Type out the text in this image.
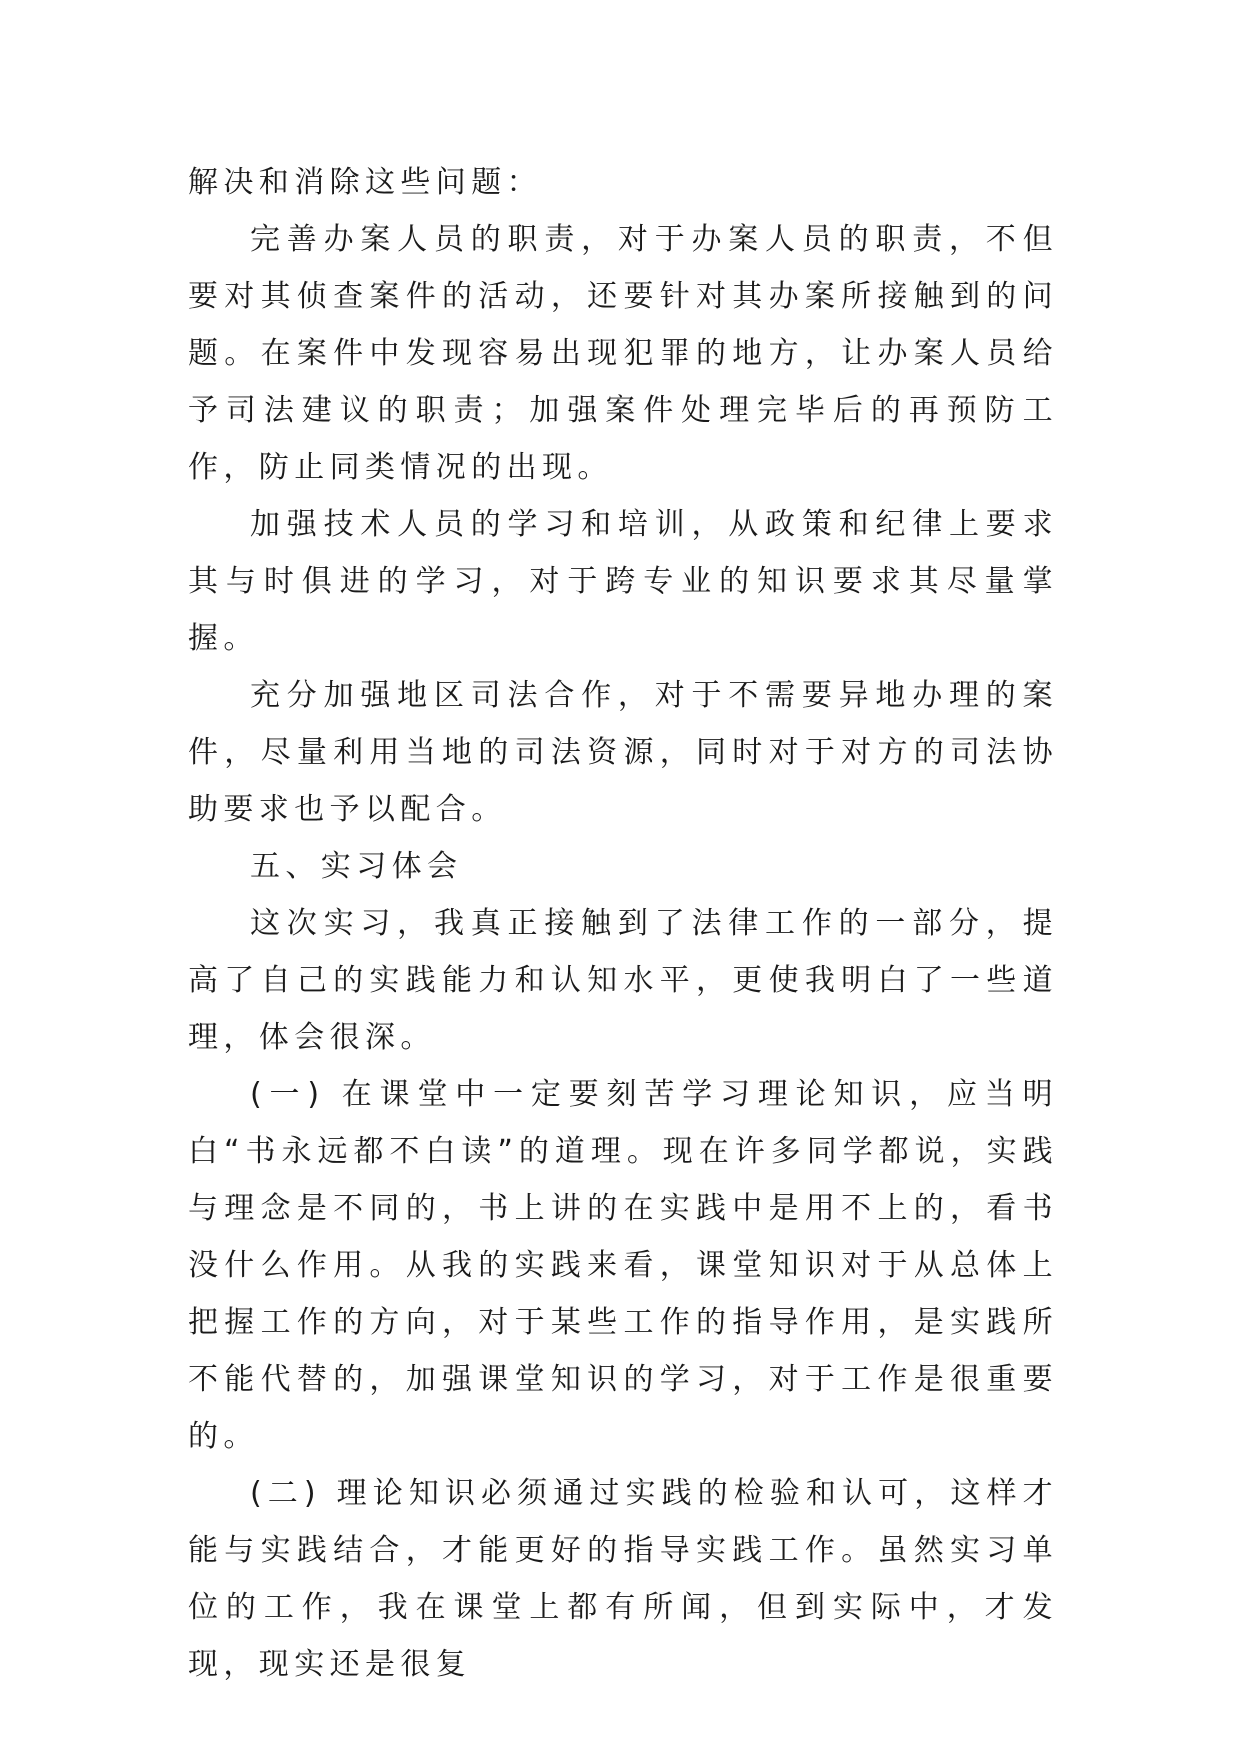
解决和消除这些问题：

完善办案人员的职责，对于办案人员的职责，不但要对其侦查案件的活动，还要针对其办案所接触到的问题。在案件中发现容易出现犯罪的地方，让办案人员给予司法建议的职责；加强案件处理完毕后的再预防工作，防止同类情况的出现。

加强技术人员的学习和培训，从政策和纪律上要求其与时俱进的学习，对于跨专业的知识要求其尽量掌握。

充分加强地区司法合作，对于不需要异地办理的案件，尽量利用当地的司法资源，同时对于对方的司法协助要求也予以配合。

五、实习体会

这次实习，我真正接触到了法律工作的一部分，提高了自己的实践能力和认知水平，更使我明白了一些道理，体会很深。

(一) 在课堂中一定要刻苦学习理论知识，应当明白“书永远都不白读”的道理。现在许多同学都说，实践与理念是不同的，书上讲的在实践中是用不上的，看书没什么作用。从我的实践来看，课堂知识对于从总体上把握工作的方向，对于某些工作的指导作用，是实践所不能代替的，加强课堂知识的学习，对于工作是很重要的。

(二) 理论知识必须通过实践的检验和认可，这样才能与实践结合，才能更好的指导实践工作。虽然实习单位的工作，我在课堂上都有所闻，但到实际中，才发现，现实还是很复
